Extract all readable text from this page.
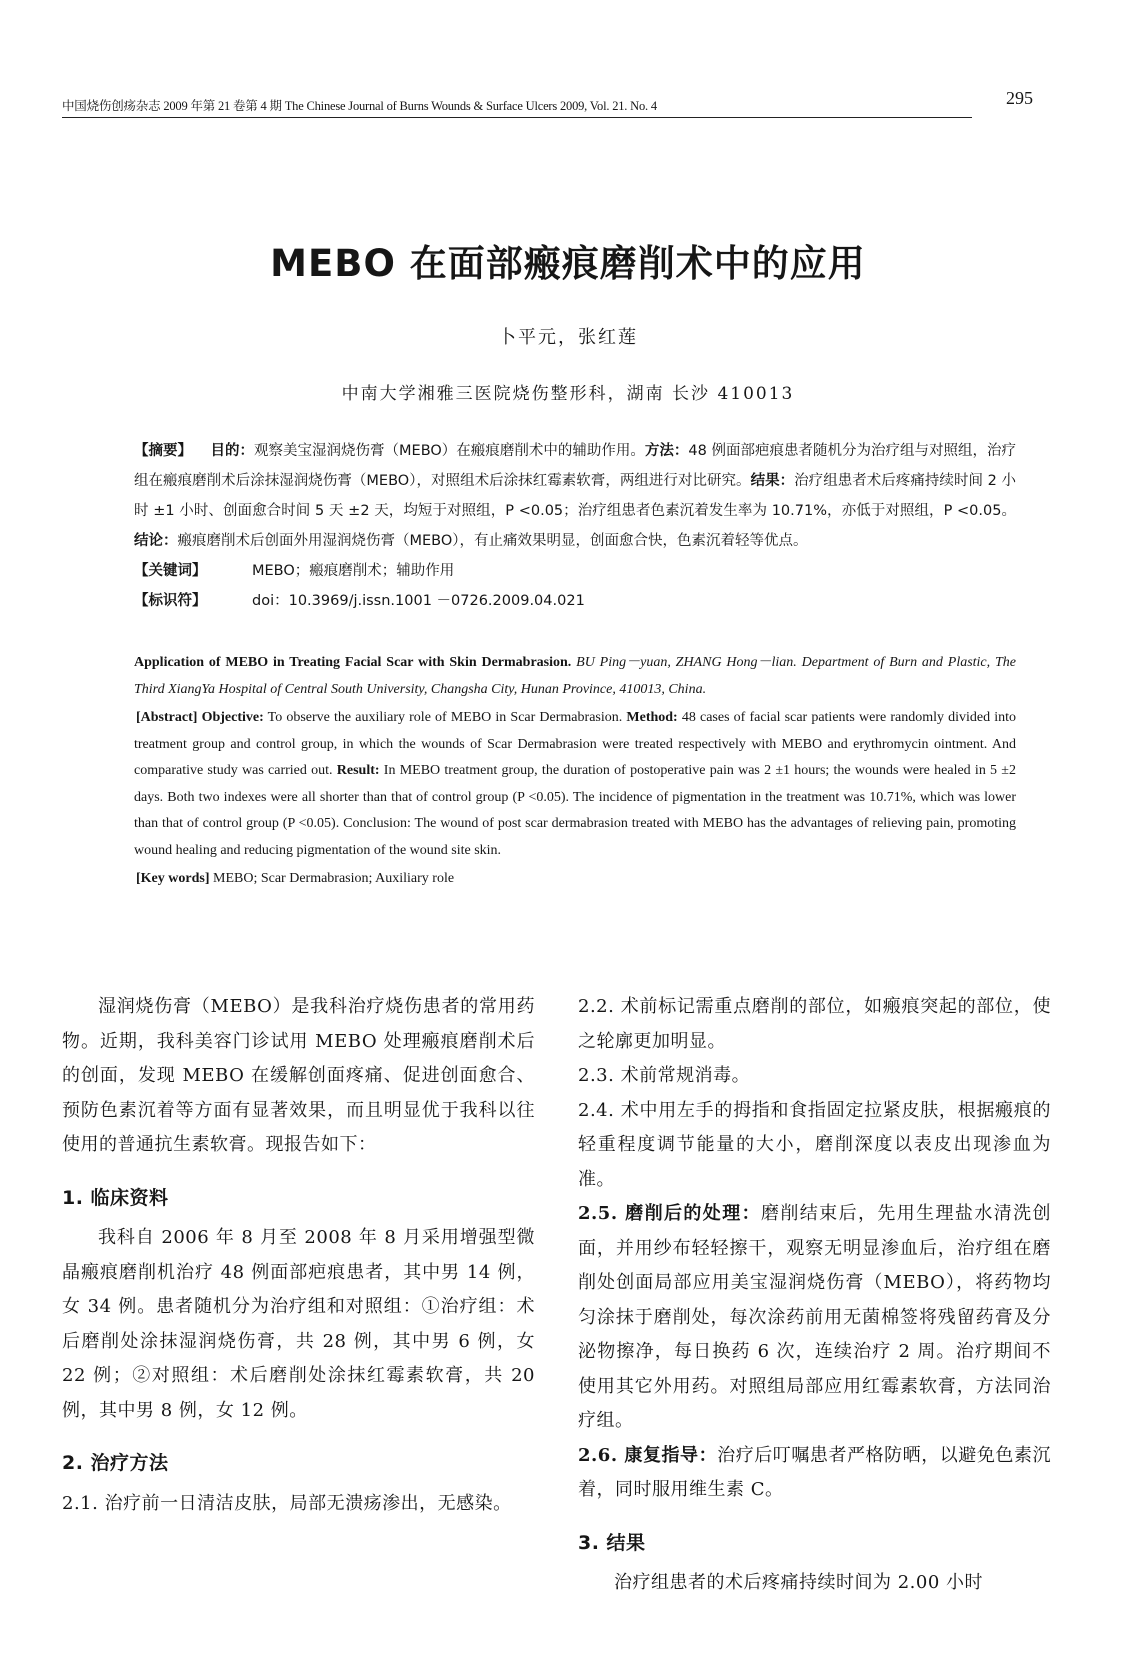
中国烧伤创疡杂志 2009 年第 21 卷第 4 期 The Chinese Journal of Burns Wounds & Surface Ulcers 2009, Vol. 21. No. 4	295
MEBO 在面部瘢痕磨削术中的应用
卜平元，张红莲
中南大学湘雅三医院烧伤整形科，湖南 长沙 410013

【摘要】 目的：观察美宝湿润烧伤膏（MEBO）在瘢痕磨削术中的辅助作用。方法：48 例面部疤痕患者随机分为治疗组与对照组，治疗组在瘢痕磨削术后涂抹湿润烧伤膏（MEBO），对照组术后涂抹红霉素软膏，两组进行对比研究。结果：治疗组患者术后疼痛持续时间 2 小时 ±1 小时、创面愈合时间 5 天 ±2 天，均短于对照组，P <0.05；治疗组患者色素沉着发生率为 10.71%，亦低于对照组，P <0.05。结论：瘢痕磨削术后创面外用湿润烧伤膏（MEBO），有止痛效果明显，创面愈合快，色素沉着轻等优点。

【关键词】	MEBO；瘢痕磨削术；辅助作用
【标识符】	doi：10.3969/j.issn.1001 －0726.2009.04.021

Application of MEBO in Treating Facial Scar with Skin Dermabrasion. BU Ping－yuan, ZHANG Hong－lian. Department of Burn and Plastic, The Third XiangYa Hospital of Central South University, Changsha City, Hunan Province, 410013, China.

[Abstract] Objective: To observe the auxiliary role of MEBO in Scar Dermabrasion. Method: 48 cases of facial scar patients were randomly divided into treatment group and control group, in which the wounds of Scar Dermabrasion were treated respectively with MEBO and erythromycin ointment. And comparative study was carried out. Result: In MEBO treatment group, the duration of postoperative pain was 2 ±1 hours; the wounds were healed in 5 ±2 days. Both two indexes were all shorter than that of control group (P <0.05). The incidence of pigmentation in the treatment was 10.71%, which was lower than that of control group (P <0.05). Conclusion: The wound of post scar dermabrasion treated with MEBO has the advantages of relieving pain, promoting wound healing and reducing pigmentation of the wound site skin.

[Key words] MEBO; Scar Dermabrasion; Auxiliary role

湿润烧伤膏（MEBO）是我科治疗烧伤患者的常用药物。近期，我科美容门诊试用 MEBO 处理瘢痕磨削术后的创面，发现 MEBO 在缓解创面疼痛、促进创面愈合、预防色素沉着等方面有显著效果，而且明显优于我科以往使用的普通抗生素软膏。现报告如下：

1. 临床资料

我科自 2006 年 8 月至 2008 年 8 月采用增强型微晶瘢痕磨削机治疗 48 例面部疤痕患者，其中男 14 例，女 34 例。患者随机分为治疗组和对照组：①治疗组：术后磨削处涂抹湿润烧伤膏，共 28 例，其中男 6 例，女 22 例；②对照组：术后磨削处涂抹红霉素软膏，共 20 例，其中男 8 例，女 12 例。

2. 治疗方法

2.1. 治疗前一日清洁皮肤，局部无溃疡渗出，无感染。

2.2. 术前标记需重点磨削的部位，如瘢痕突起的部位，使之轮廓更加明显。

2.3. 术前常规消毒。

2.4. 术中用左手的拇指和食指固定拉紧皮肤，根据瘢痕的轻重程度调节能量的大小，磨削深度以表皮出现渗血为准。

2.5. 磨削后的处理：磨削结束后，先用生理盐水清洗创面，并用纱布轻轻擦干，观察无明显渗血后，治疗组在磨削处创面局部应用美宝湿润烧伤膏（MEBO），将药物均匀涂抹于磨削处，每次涂药前用无菌棉签将残留药膏及分泌物擦净，每日换药 6 次，连续治疗 2 周。治疗期间不使用其它外用药。对照组局部应用红霉素软膏，方法同治疗组。

2.6. 康复指导：治疗后叮嘱患者严格防晒，以避免色素沉着，同时服用维生素 C。

3. 结果

治疗组患者的术后疼痛持续时间为 2.00 小时
